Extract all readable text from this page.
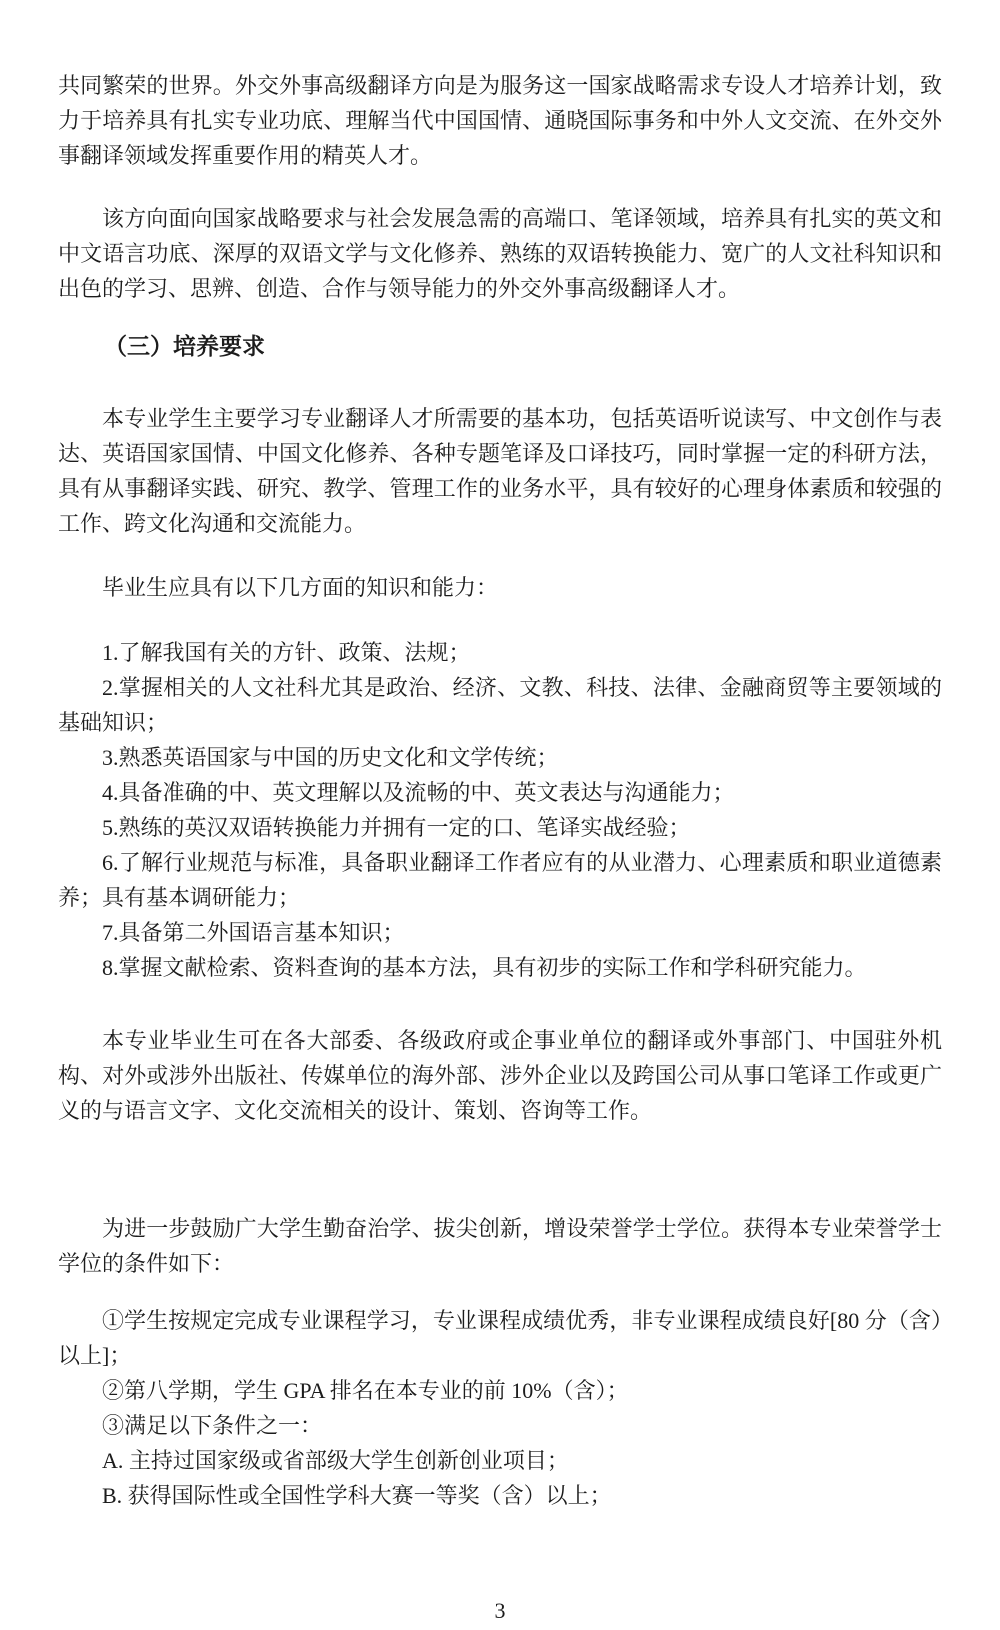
共同繁荣的世界。外交外事高级翻译方向是为服务这一国家战略需求专设人才培养计划，致力于培养具有扎实专业功底、理解当代中国国情、通晓国际事务和中外人文交流、在外交外事翻译领域发挥重要作用的精英人才。

该方向面向国家战略要求与社会发展急需的高端口、笔译领域，培养具有扎实的英文和中文语言功底、深厚的双语文学与文化修养、熟练的双语转换能力、宽广的人文社科知识和出色的学习、思辨、创造、合作与领导能力的外交外事高级翻译人才。

（三）培养要求

本专业学生主要学习专业翻译人才所需要的基本功，包括英语听说读写、中文创作与表达、英语国家国情、中国文化修养、各种专题笔译及口译技巧，同时掌握一定的科研方法，具有从事翻译实践、研究、教学、管理工作的业务水平，具有较好的心理身体素质和较强的工作、跨文化沟通和交流能力。

毕业生应具有以下几方面的知识和能力：

1.了解我国有关的方针、政策、法规；

2.掌握相关的人文社科尤其是政治、经济、文教、科技、法律、金融商贸等主要领域的基础知识；

3.熟悉英语国家与中国的历史文化和文学传统；

4.具备准确的中、英文理解以及流畅的中、英文表达与沟通能力；

5.熟练的英汉双语转换能力并拥有一定的口、笔译实战经验；

6.了解行业规范与标准，具备职业翻译工作者应有的从业潜力、心理素质和职业道德素养；具有基本调研能力；

7.具备第二外国语言基本知识；

8.掌握文献检索、资料查询的基本方法，具有初步的实际工作和学科研究能力。

本专业毕业生可在各大部委、各级政府或企事业单位的翻译或外事部门、中国驻外机构、对外或涉外出版社、传媒单位的海外部、涉外企业以及跨国公司从事口笔译工作或更广义的与语言文字、文化交流相关的设计、策划、咨询等工作。

为进一步鼓励广大学生勤奋治学、拔尖创新，增设荣誉学士学位。获得本专业荣誉学士学位的条件如下：

①学生按规定完成专业课程学习，专业课程成绩优秀，非专业课程成绩良好[80 分（含）以上]；

②第八学期，学生 GPA 排名在本专业的前 10%（含）；

③满足以下条件之一：

A. 主持过国家级或省部级大学生创新创业项目；

B. 获得国际性或全国性学科大赛一等奖（含）以上；

3
